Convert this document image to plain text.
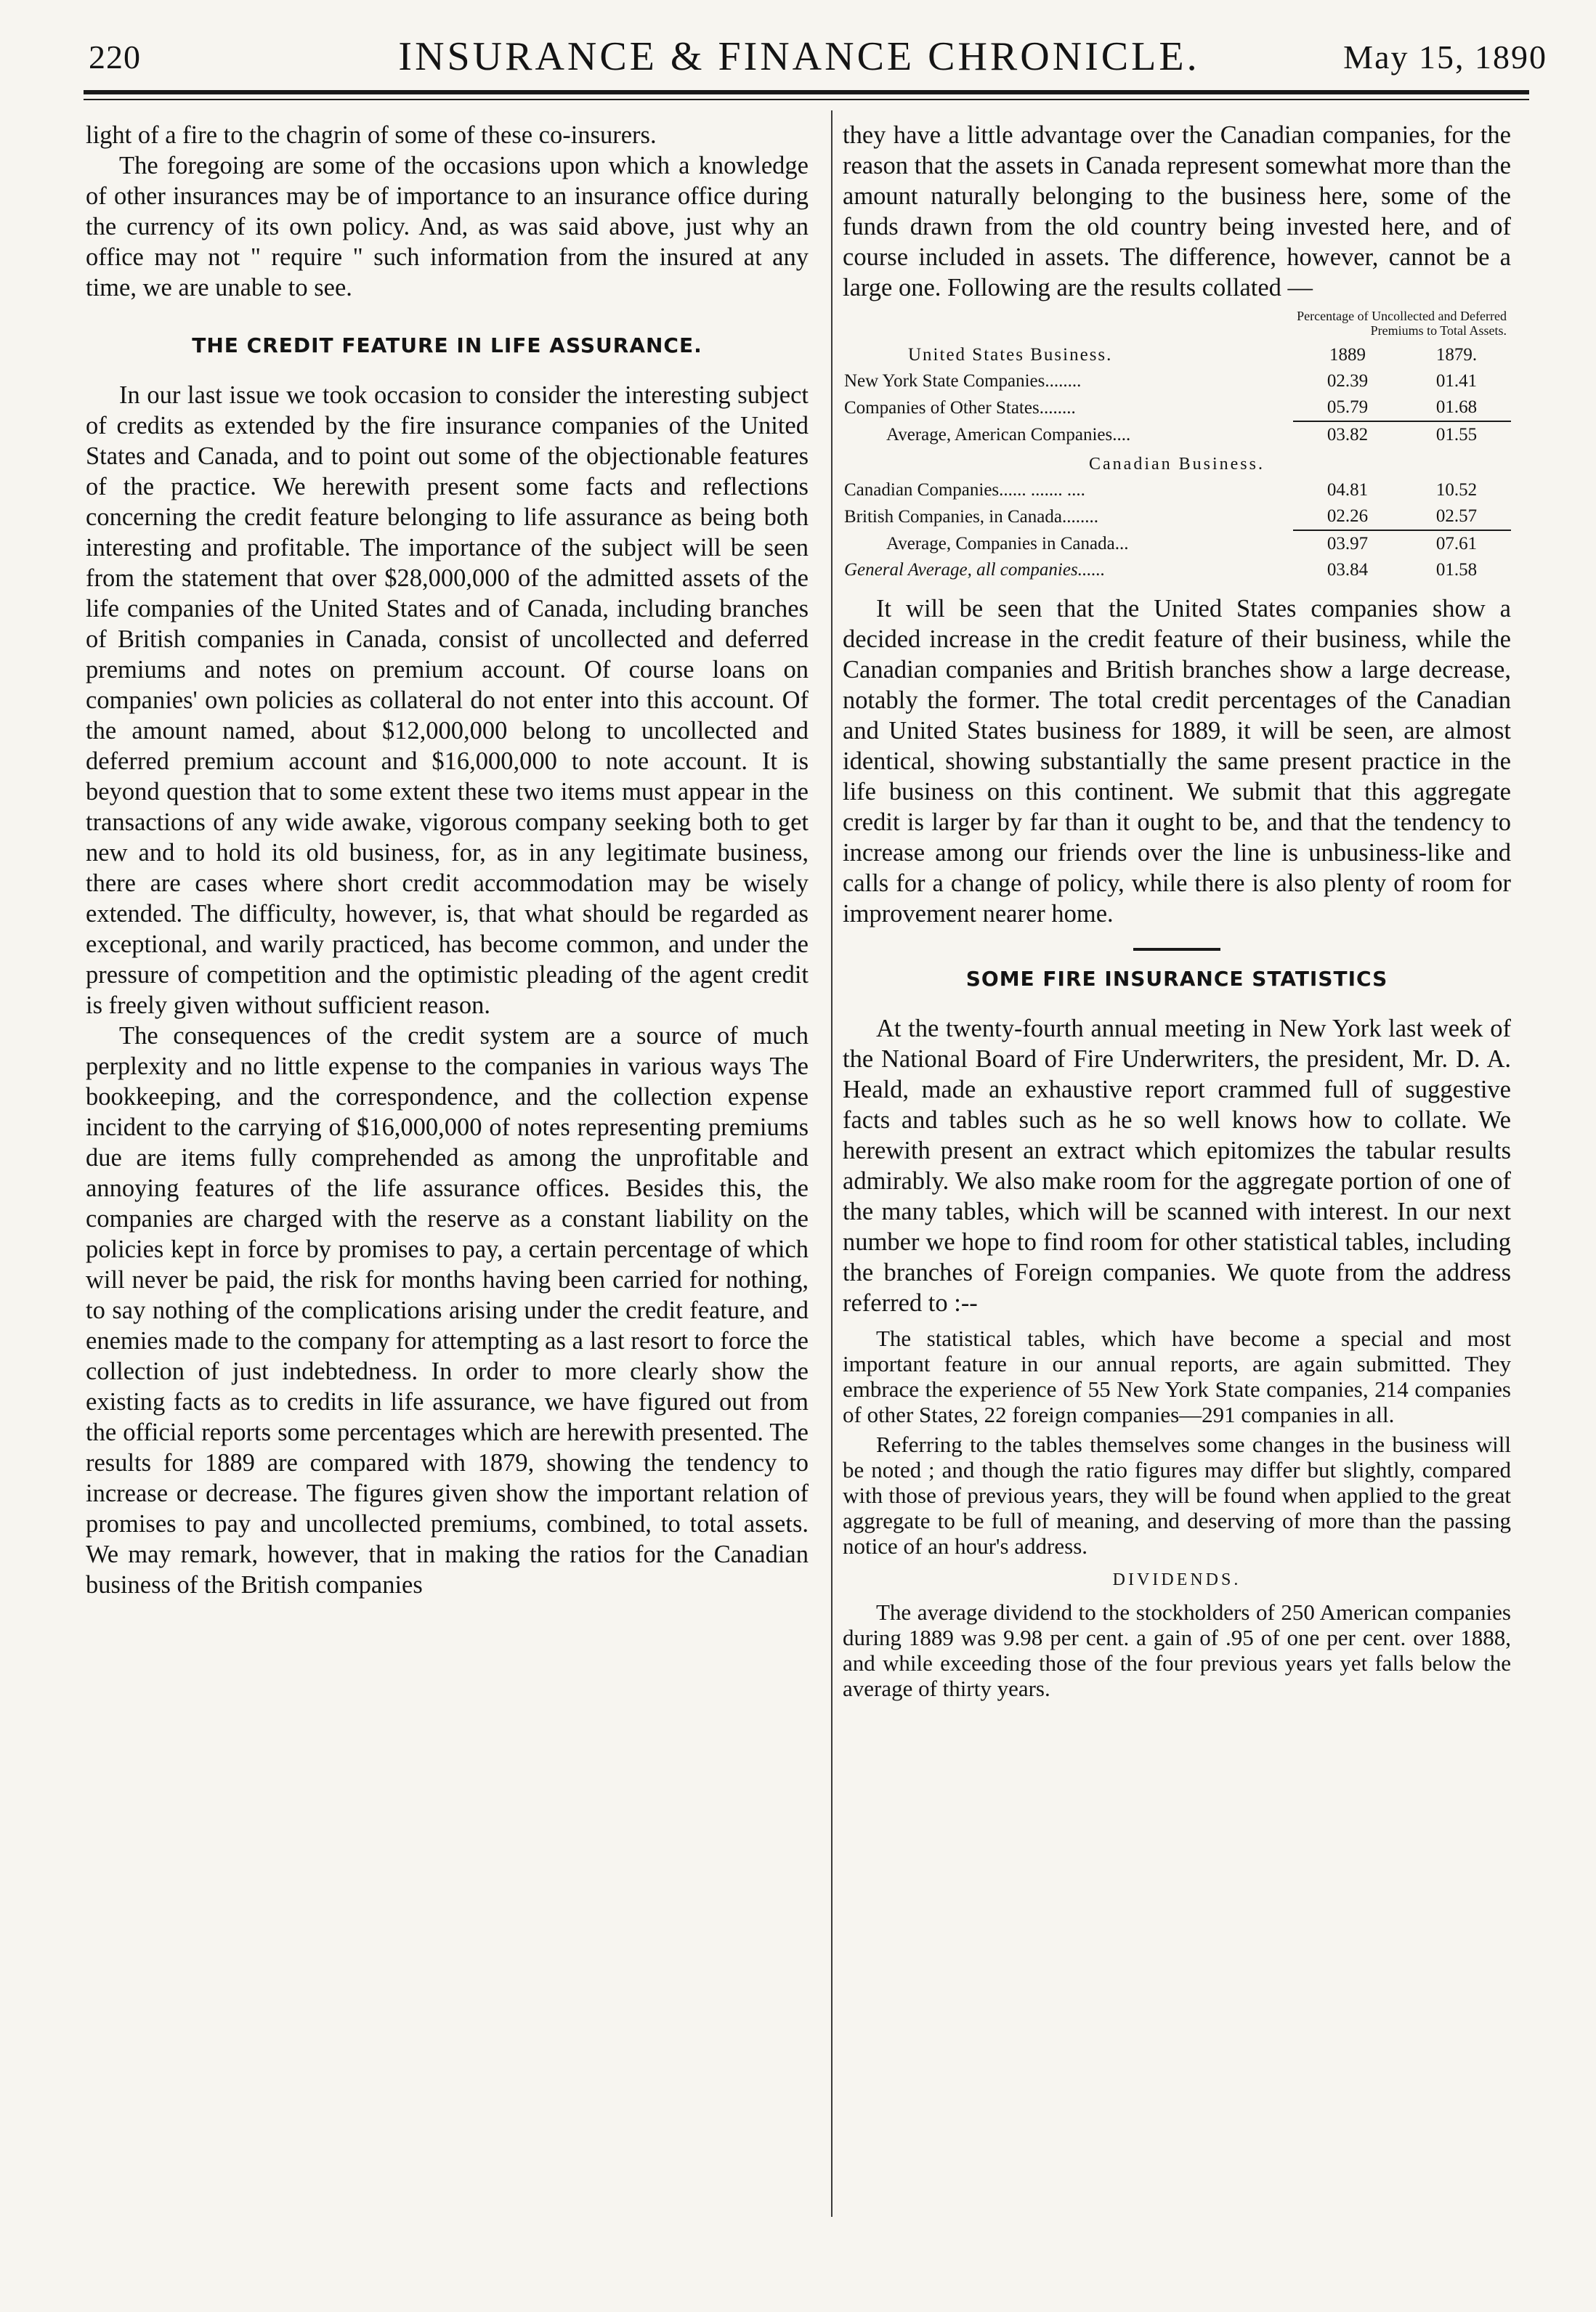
220	INSURANCE & FINANCE CHRONICLE.	May 15, 1890

light of a fire to the chagrin of some of these co-insurers.

The foregoing are some of the occasions upon which a knowledge of other insurances may be of importance to an insurance office during the currency of its own policy. And, as was said above, just why an office may not " require " such information from the insured at any time, we are unable to see.

THE CREDIT FEATURE IN LIFE ASSURANCE.

In our last issue we took occasion to consider the interesting subject of credits as extended by the fire insurance companies of the United States and Canada, and to point out some of the objectionable features of the practice. We herewith present some facts and reflections concerning the credit feature belonging to life assurance as being both interesting and profitable. The importance of the subject will be seen from the statement that over $28,000,000 of the admitted assets of the life companies of the United States and of Canada, including branches of British companies in Canada, consist of uncollected and deferred premiums and notes on premium account. Of course loans on companies' own policies as collateral do not enter into this account. Of the amount named, about $12,000,000 belong to uncollected and deferred premium account and $16,000,000 to note account. It is beyond question that to some extent these two items must appear in the transactions of any wide awake, vigorous company seeking both to get new and to hold its old business, for, as in any legitimate business, there are cases where short credit accommodation may be wisely extended. The difficulty, however, is, that what should be regarded as exceptional, and warily practiced, has become common, and under the pressure of competition and the optimistic pleading of the agent credit is freely given without sufficient reason.

The consequences of the credit system are a source of much perplexity and no little expense to the companies in various ways The bookkeeping, and the correspondence, and the collection expense incident to the carrying of $16,000,000 of notes representing premiums due are items fully comprehended as among the unprofitable and annoying features of the life assurance offices. Besides this, the companies are charged with the reserve as a constant liability on the policies kept in force by promises to pay, a certain percentage of which will never be paid, the risk for months having been carried for nothing, to say nothing of the complications arising under the credit feature, and enemies made to the company for attempting as a last resort to force the collection of just indebtedness. In order to more clearly show the existing facts as to credits in life assurance, we have figured out from the official reports some percentages which are herewith presented. The results for 1889 are compared with 1879, showing the tendency to increase or decrease. The figures given show the important relation of promises to pay and uncollected premiums, combined, to total assets. We may remark, however, that in making the ratios for the Canadian business of the British companies

they have a little advantage over the Canadian companies, for the reason that the assets in Canada represent somewhat more than the amount naturally belonging to the business here, some of the funds drawn from the old country being invested here, and of course included in assets. The difference, however, cannot be a large one. Following are the results collated —

Percentage of Uncollected and Deferred
Premiums to Total Assets.
United States Business.	1889	1879.
New York State Companies........	02.39	01.41
Companies of Other States........	05.79	01.68
Average, American Companies....	03.82	01.55
Canadian Business.		
Canadian Companies...... ....... ....	04.81	10.52
British Companies, in Canada........	02.26	02.57
Average, Companies in Canada...	03.97	07.61
General Average, all companies......	03.84	01.58

It will be seen that the United States companies show a decided increase in the credit feature of their business, while the Canadian companies and British branches show a large decrease, notably the former. The total credit percentages of the Canadian and United States business for 1889, it will be seen, are almost identical, showing substantially the same present practice in the life business on this continent. We submit that this aggregate credit is larger by far than it ought to be, and that the tendency to increase among our friends over the line is unbusiness-like and calls for a change of policy, while there is also plenty of room for improvement nearer home.

SOME FIRE INSURANCE STATISTICS

At the twenty-fourth annual meeting in New York last week of the National Board of Fire Underwriters, the president, Mr. D. A. Heald, made an exhaustive report crammed full of suggestive facts and tables such as he so well knows how to collate. We herewith present an extract which epitomizes the tabular results admirably. We also make room for the aggregate portion of one of the many tables, which will be scanned with interest. In our next number we hope to find room for other statistical tables, including the branches of Foreign companies. We quote from the address referred to :--

The statistical tables, which have become a special and most important feature in our annual reports, are again submitted. They embrace the experience of 55 New York State companies, 214 companies of other States, 22 foreign companies—291 companies in all.

Referring to the tables themselves some changes in the business will be noted ; and though the ratio figures may differ but slightly, compared with those of previous years, they will be found when applied to the great aggregate to be full of meaning, and deserving of more than the passing notice of an hour's address.

DIVIDENDS.

The average dividend to the stockholders of 250 American companies during 1889 was 9.98 per cent. a gain of .95 of one per cent. over 1888, and while exceeding those of the four previous years yet falls below the average of thirty years.
